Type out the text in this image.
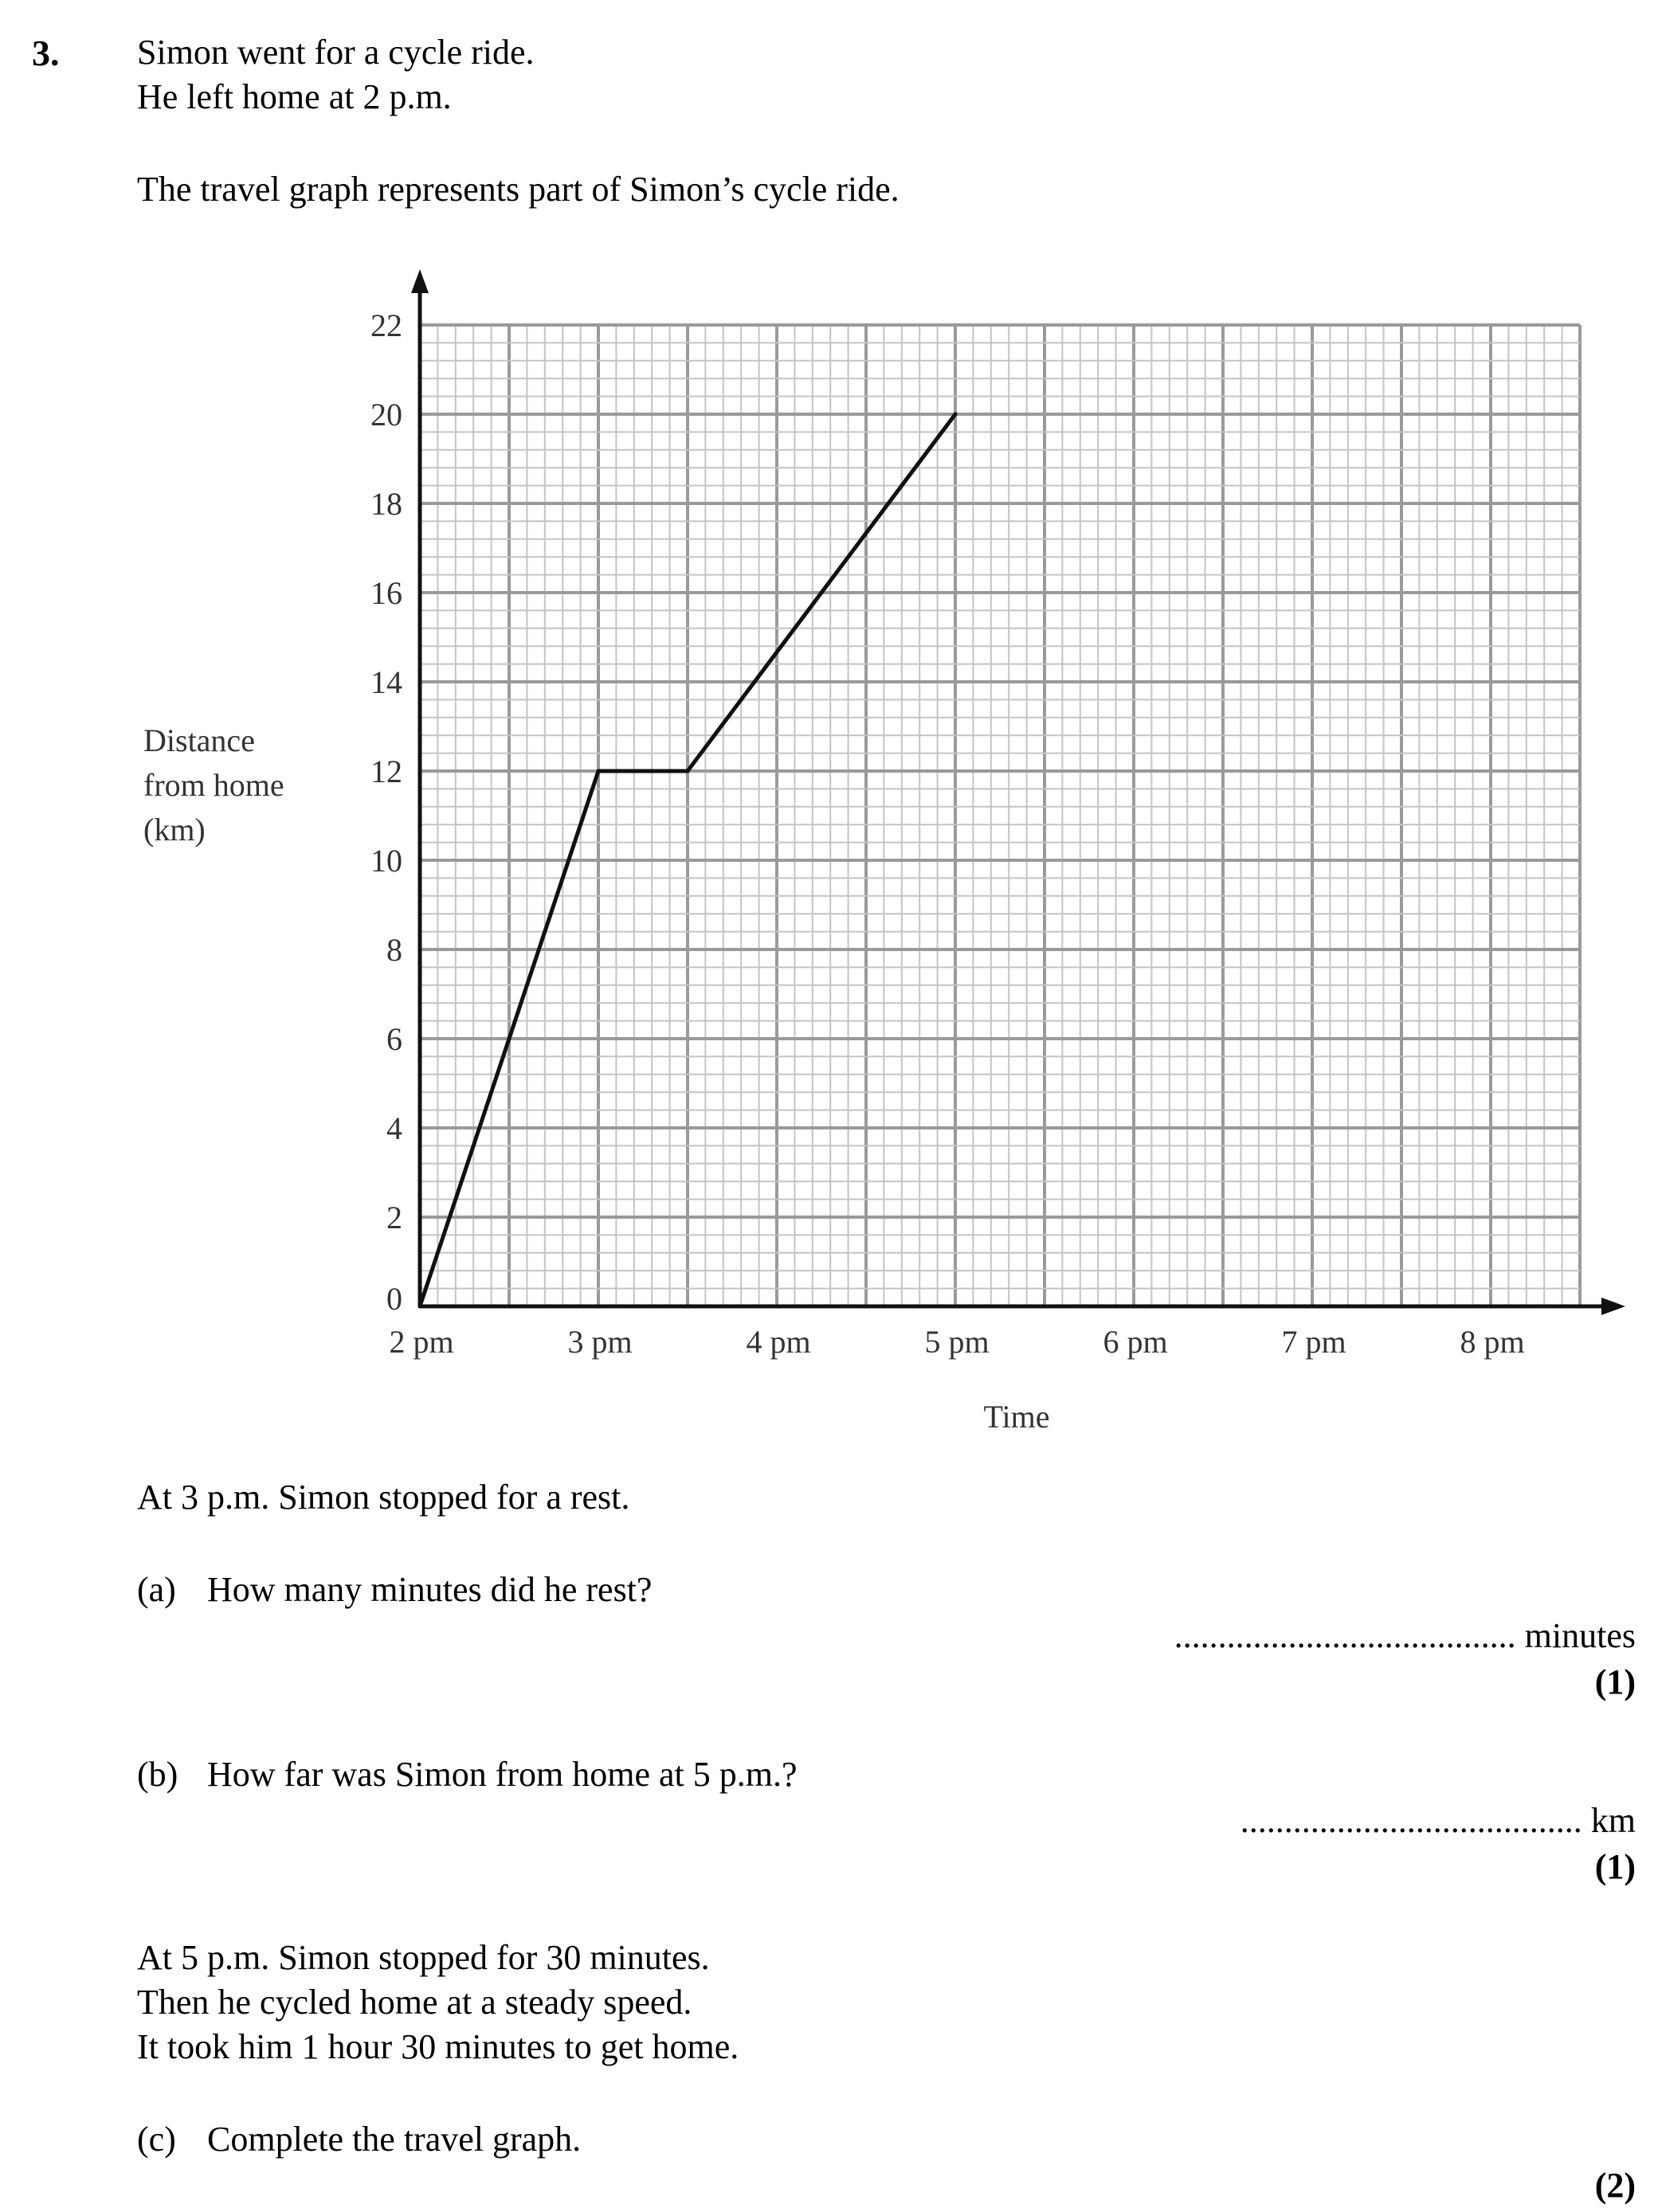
3. Simon went for a cycle ride.
He left home at 2 p.m.
The travel graph represents part of Simon’s cycle ride.
0
2
4
6
8
10
12
14
16
18
20
22
2 pm	3 pm	4 pm	5 pm	6 pm	7 pm	8 pm
Time
Distance
from home
(km)
At 3 p.m. Simon stopped for a rest.
(a) How many minutes did he rest?
....................................... minutes
(1)
(b) How far was Simon from home at 5 p.m.?
....................................... km
(1)
At 5 p.m. Simon stopped for 30 minutes.
Then he cycled home at a steady speed.
It took him 1 hour 30 minutes to get home.
(c) Complete the travel graph.
(2)
